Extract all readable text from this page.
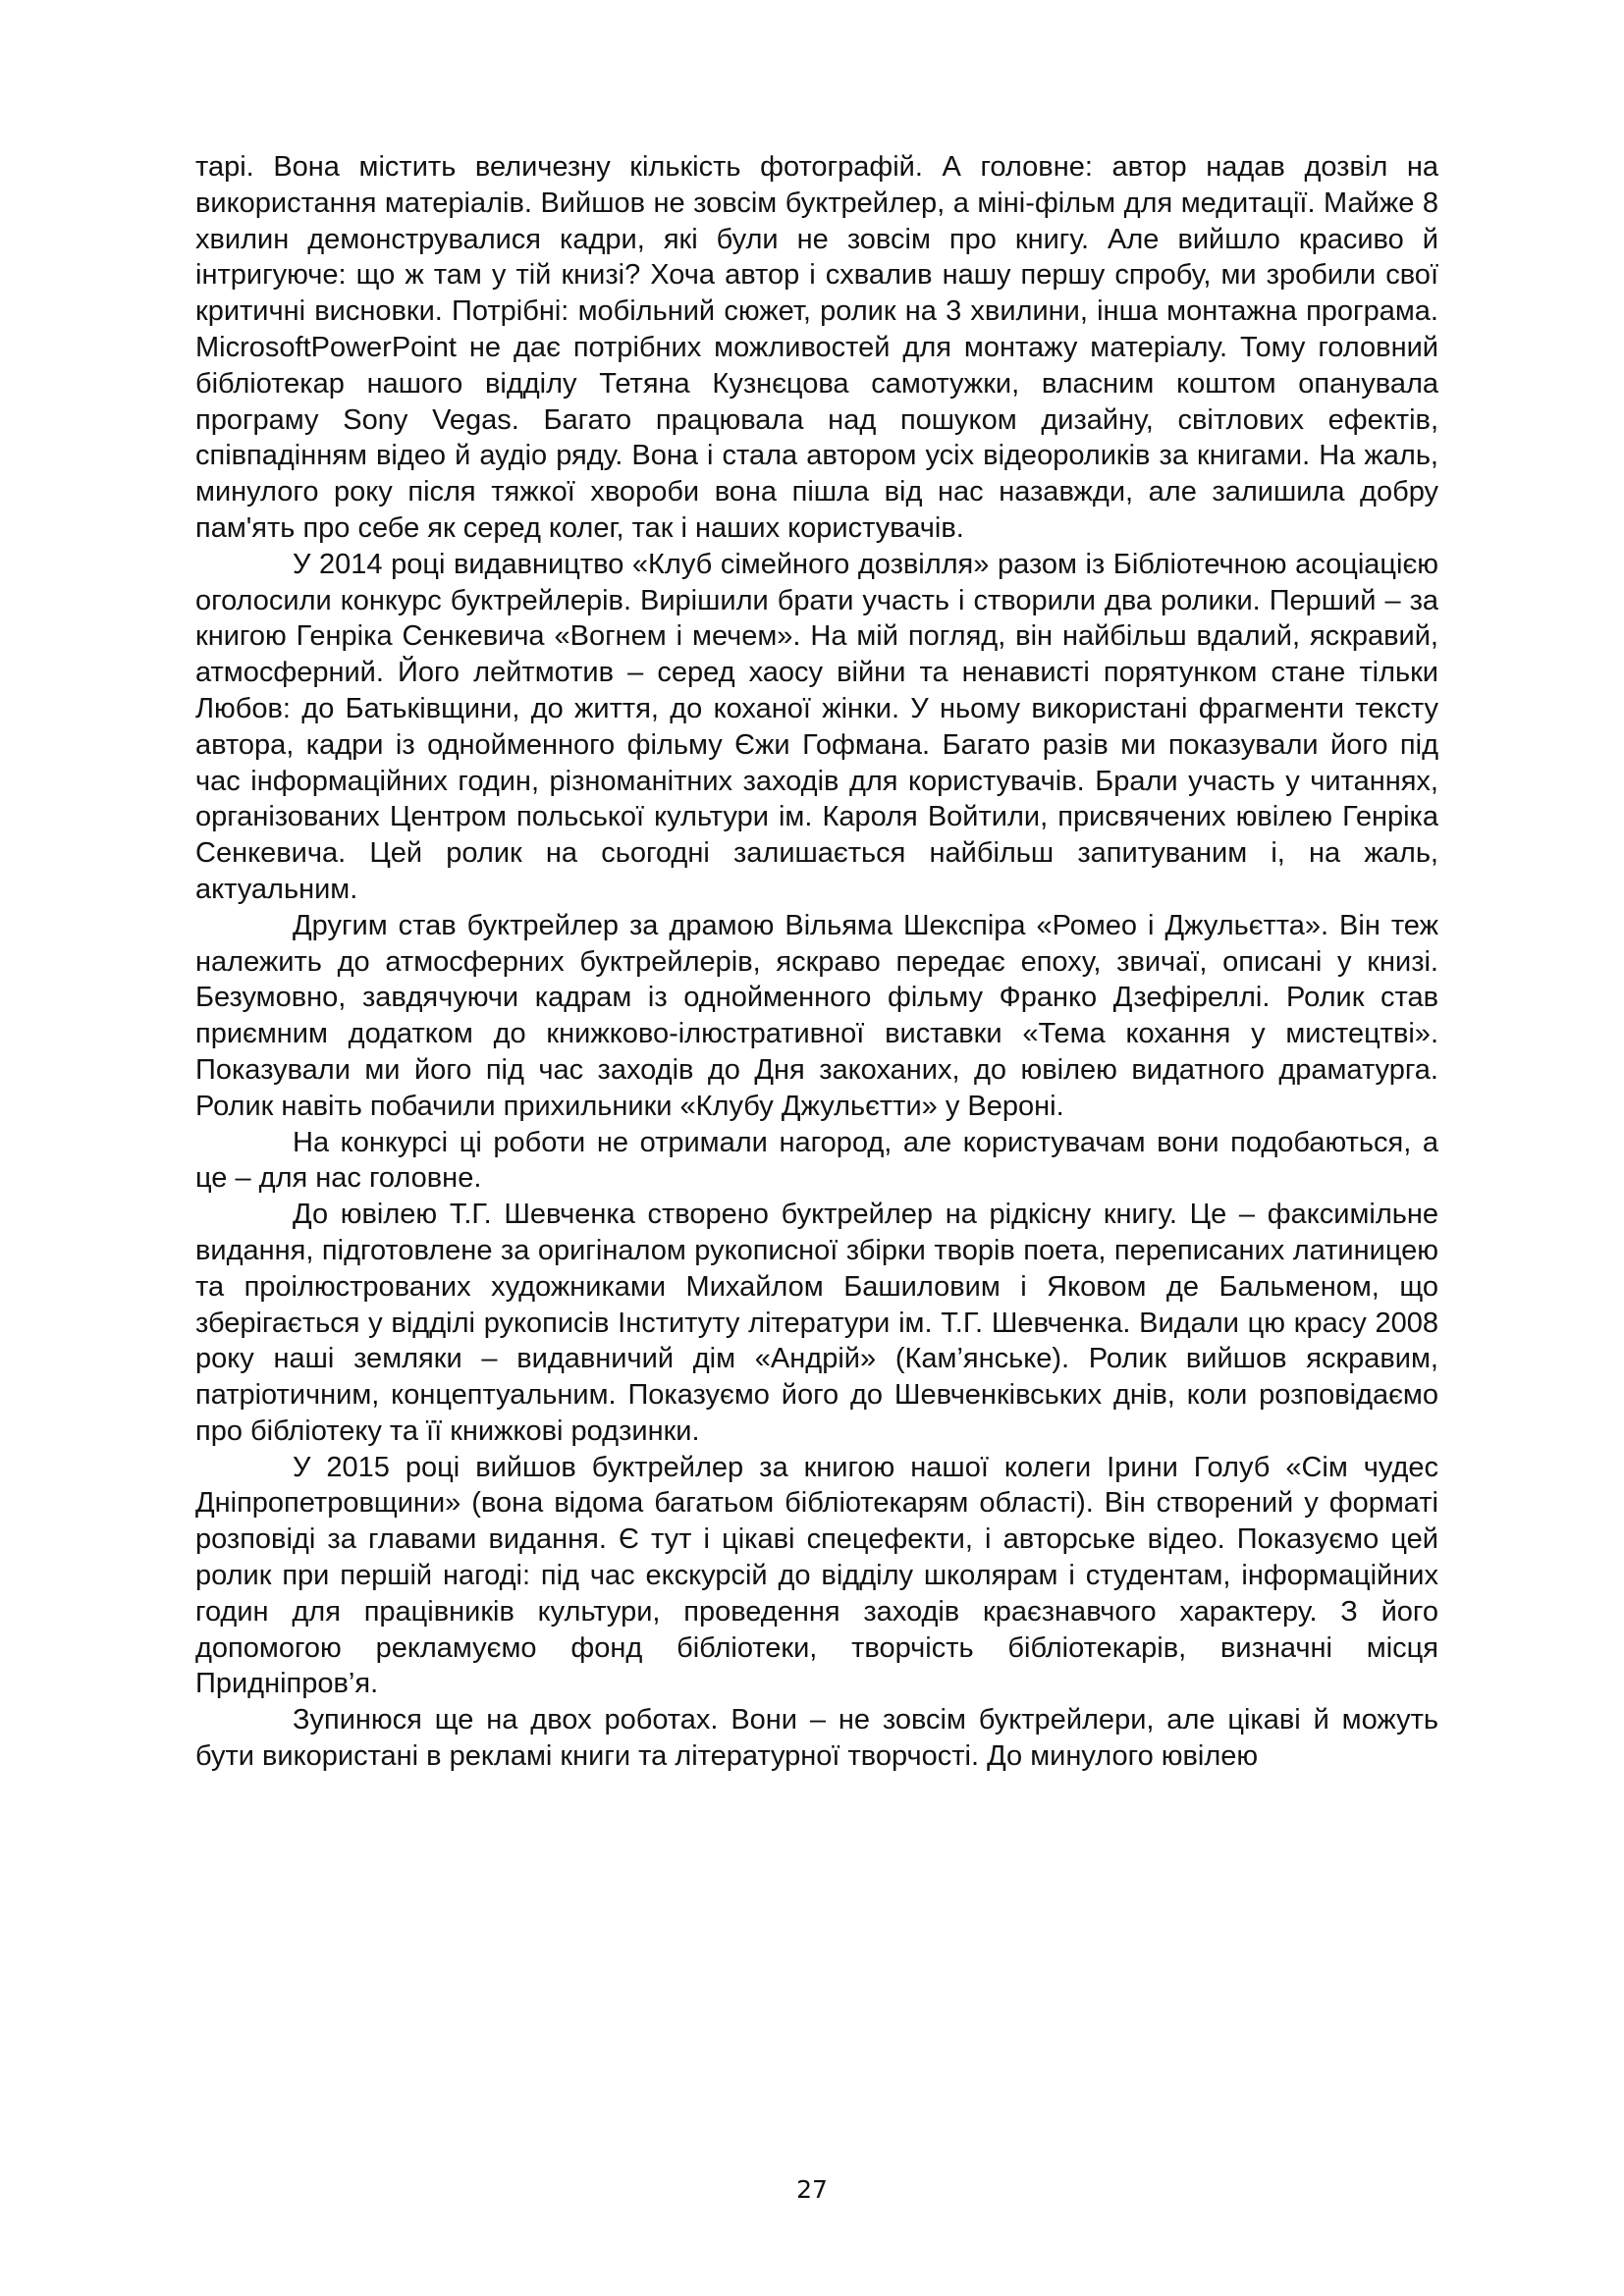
тарі. Вона містить величезну кількість фотографій. А головне: автор надав дозвіл на використання матеріалів. Вийшов не зовсім буктрейлер, а міні-фільм для медитації. Майже 8 хвилин демонструвалися кадри, які були не зовсім про книгу. Але вийшло красиво й інтригуюче: що ж там у тій книзі? Хоча автор і схвалив нашу першу спробу, ми зробили свої критичні висновки. Потрібні: мобільний сюжет, ролик на 3 хвилини, інша монтажна програма. MicrosoftPowerPoint не дає потрібних можливостей для монтажу матеріалу. Тому головний бібліотекар нашого відділу Тетяна Кузнєцова самотужки, власним коштом опанувала програму Sony Vegas. Багато працювала над пошуком дизайну, світлових ефектів, співпадінням відео й аудіо ряду. Вона і стала автором усіх відеороликів за книгами. На жаль, минулого року після тяжкої хвороби вона пішла від нас назавжди, але залишила добру пам'ять про себе як серед колег, так і наших користувачів.

У 2014 році видавництво «Клуб сімейного дозвілля» разом із Бібліотечною асоціацією оголосили конкурс буктрейлерів. Вирішили брати участь і створили два ролики. Перший – за книгою Генріка Сенкевича «Вогнем і мечем». На мій погляд, він найбільш вдалий, яскравий, атмосферний. Його лейтмотив – серед хаосу війни та ненависті порятунком стане тільки Любов: до Батьківщини, до життя, до коханої жінки. У ньому використані фрагменти тексту автора, кадри із однойменного фільму Єжи Гофмана. Багато разів ми показували його під час інформаційних годин, різноманітних заходів для користувачів. Брали участь у читаннях, організованих Центром польської культури ім. Кароля Войтили, присвячених ювілею Генріка Сенкевича. Цей ролик на сьогодні залишається найбільш запитуваним і, на жаль, актуальним.

Другим став буктрейлер за драмою Вільяма Шекспіра «Ромео і Джульєтта». Він теж належить до атмосферних буктрейлерів, яскраво передає епоху, звичаї, описані у книзі. Безумовно, завдячуючи кадрам із однойменного фільму Франко Дзефіреллі. Ролик став приємним додатком до книжково-ілюстративної виставки «Тема кохання у мистецтві». Показували ми його під час заходів до Дня закоханих, до ювілею видатного драматурга. Ролик навіть побачили прихильники «Клубу Джульєтти» у Вероні.

На конкурсі ці роботи не отримали нагород, але користувачам вони подобаються, а це – для нас головне.

До ювілею Т.Г. Шевченка створено буктрейлер на рідкісну книгу. Це – факсимільне видання, підготовлене за оригіналом рукописної збірки творів поета, переписаних латиницею та проілюстрованих художниками Михайлом Башиловим і Яковом де Бальменом, що зберігається у відділі рукописів Інституту літератури ім. Т.Г. Шевченка. Видали цю красу 2008 року наші земляки – видавничий дім «Андрій» (Кам’янське). Ролик вийшов яскравим, патріотичним, концептуальним. Показуємо його до Шевченківських днів, коли розповідаємо про бібліотеку та її книжкові родзинки.

У 2015 році вийшов буктрейлер за книгою нашої колеги Ірини Голуб «Сім чудес Дніпропетровщини» (вона відома багатьом бібліотекарям області). Він створений у форматі розповіді за главами видання. Є тут і цікаві спецефекти, і авторське відео. Показуємо цей ролик при першій нагоді: під час екскурсій до відділу школярам і студентам, інформаційних годин для працівників культури, проведення заходів краєзнавчого характеру. З його допомогою рекламуємо фонд бібліотеки, творчість бібліотекарів, визначні місця Придніпров’я.

Зупинюся ще на двох роботах. Вони – не зовсім буктрейлери, але цікаві й можуть бути використані в рекламі книги та літературної творчості. До минулого ювілею

27
